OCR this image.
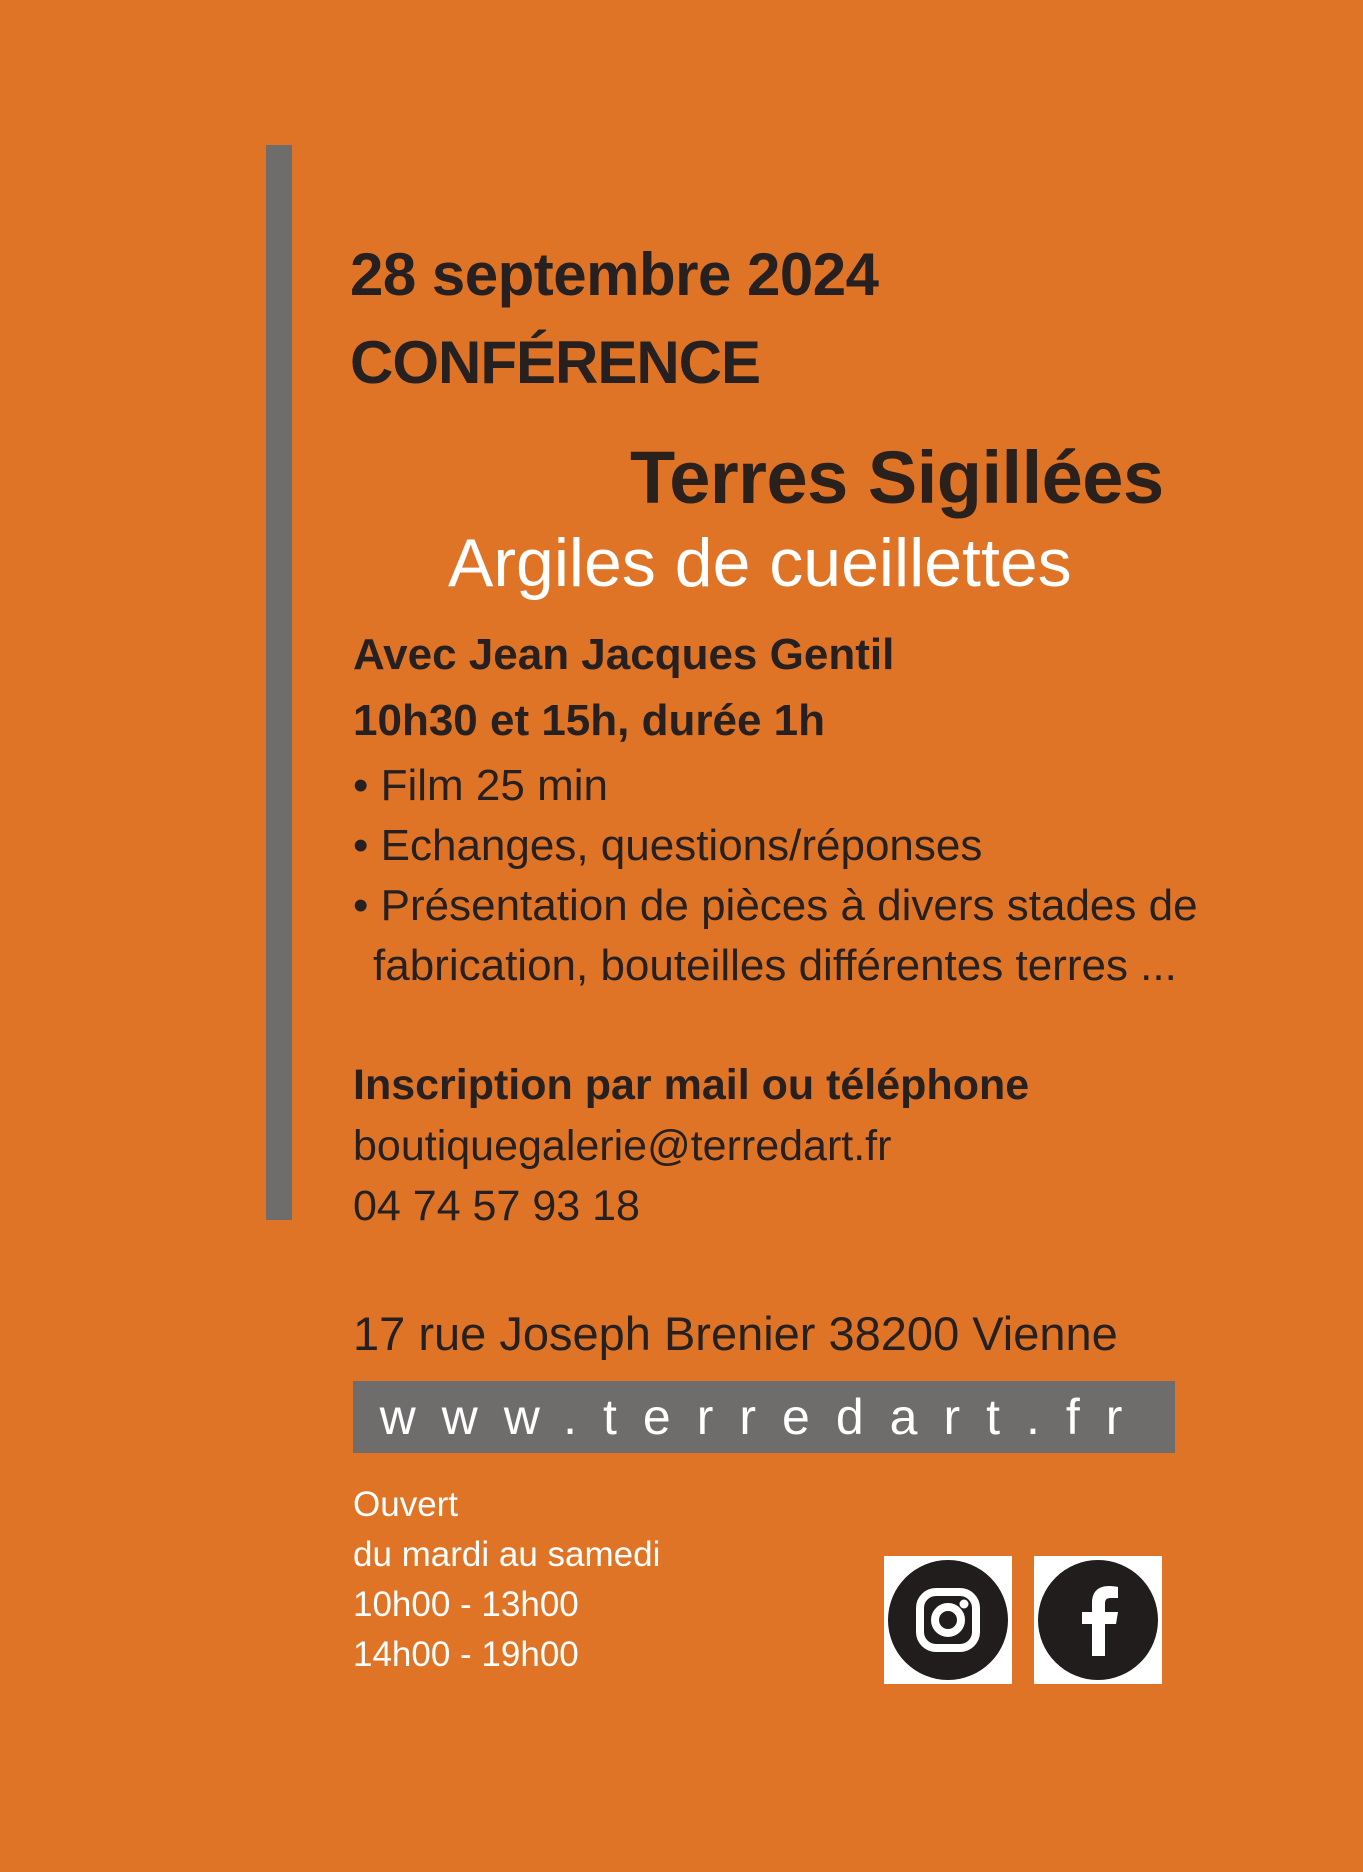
28 septembre 2024
CONFÉRENCE
Terres Sigillées
Argiles de cueillettes
Avec Jean Jacques Gentil
10h30 et 15h, durée 1h
• Film 25 min
• Echanges, questions/réponses
• Présentation de pièces à divers stades de
fabrication, bouteilles différentes terres ...
Inscription par mail ou téléphone
boutiquegalerie@terredart.fr
04 74 57 93 18
17 rue Joseph Brenier 38200 Vienne
www.terredart.fr
Ouvert
du mardi au samedi
10h00 - 13h00
14h00 - 19h00
